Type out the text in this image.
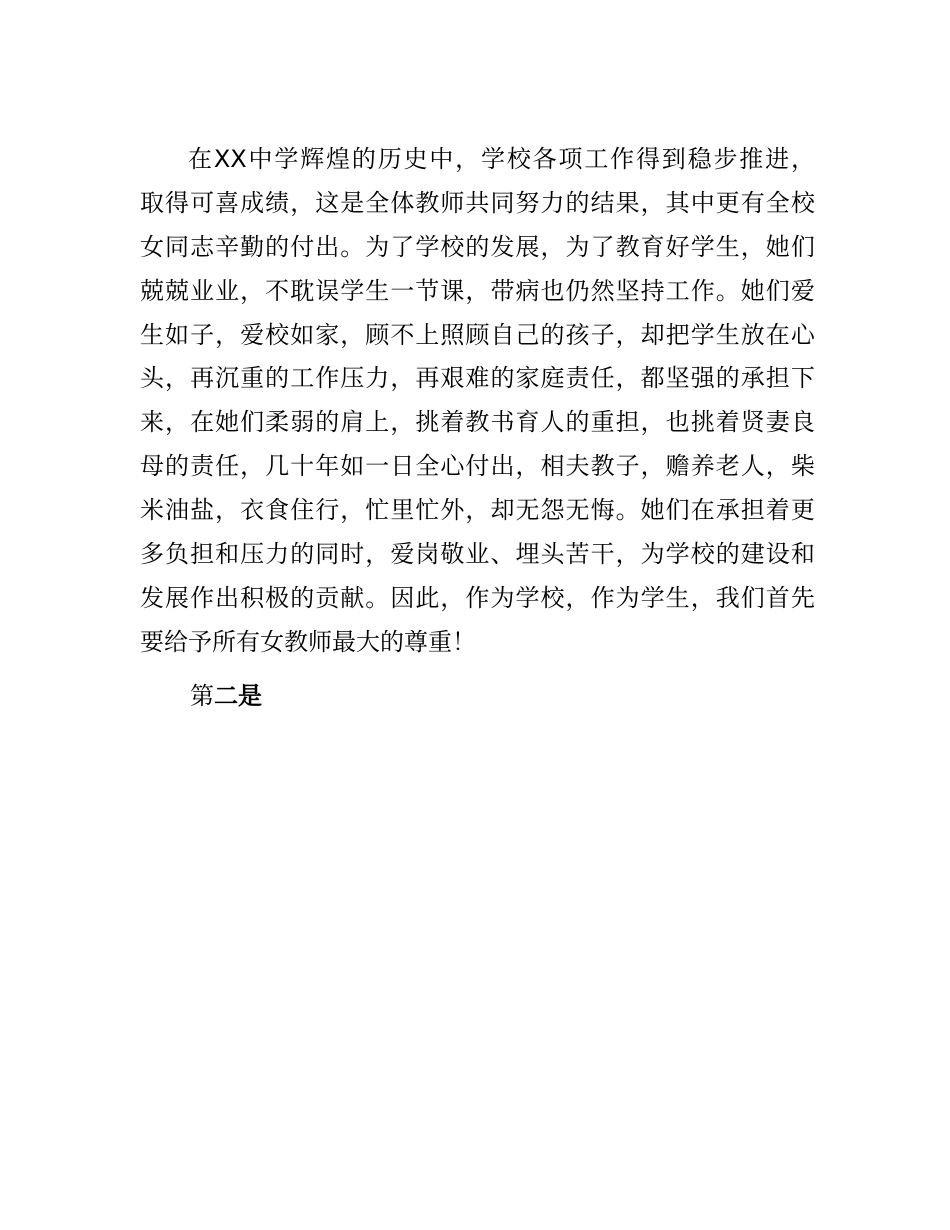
在 XX 中 学 辉 煌 的 历 史 中 ， 学 校 各 项 工 作 得 到 稳 步 推 进 ，
取 得 可 喜 成 绩 ， 这 是 全 体 教 师 共 同 努 力 的 结 果 ， 其 中 更 有 全 校
女 同 志 辛 勤 的 付 出 。 为 了 学 校 的 发 展 ， 为 了 教 育 好 学 生 ， 她 们
兢 兢 业 业 ， 不 耽 误 学 生 一 节 课 ， 带 病 也 仍 然 坚 持 工 作 。 她 们 爱
生 如 子 ， 爱 校 如 家 ， 顾 不 上 照 顾 自 己 的 孩 子 ， 却 把 学 生 放 在 心
头 ， 再 沉 重 的 工 作 压 力 ， 再 艰 难 的 家 庭 责 任 ， 都 坚 强 的 承 担 下
来 ， 在 她 们 柔 弱 的 肩 上 ， 挑 着 教 书 育 人 的 重 担 ， 也 挑 着 贤 妻 良
母 的 责 任 ， 几 十 年 如 一 日 全 心 付 出 ， 相 夫 教 子 ， 赡 养 老 人 ， 柴
米 油 盐 ， 衣 食 住 行 ， 忙 里 忙 外 ， 却 无 怨 无 悔 。 她 们 在 承 担 着 更
多 负 担 和 压 力 的 同 时 ， 爱 岗 敬 业 、 埋 头 苦 干 ， 为 学 校 的 建 设 和
发 展 作 出 积 极 的 贡 献 。 因 此 ， 作 为 学 校 ， 作 为 学 生 ， 我 们 首 先
要给予所有女教师最大的尊重！
第二是
